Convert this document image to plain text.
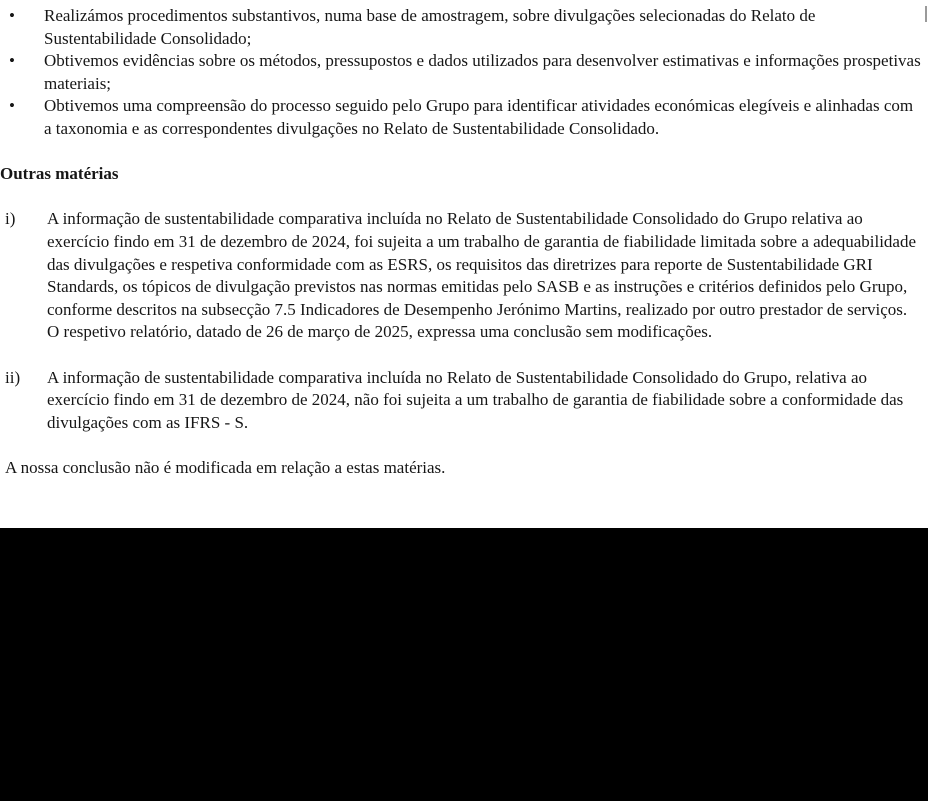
•	Realizámos procedimentos substantivos, numa base de amostragem, sobre divulgações selecionadas do Relato de Sustentabilidade Consolidado;
•	Obtivemos evidências sobre os métodos, pressupostos e dados utilizados para desenvolver estimativas e informações prospetivas materiais;
•	Obtivemos uma compreensão do processo seguido pelo Grupo para identificar atividades económicas elegíveis e alinhadas com a taxonomia e as correspondentes divulgações no Relato de Sustentabilidade Consolidado.
Outras matérias
i)	A informação de sustentabilidade comparativa incluída no Relato de Sustentabilidade Consolidado do Grupo relativa ao exercício findo em 31 de dezembro de 2024, foi sujeita a um trabalho de garantia de fiabilidade limitada sobre a adequabilidade das divulgações e respetiva conformidade com as ESRS, os requisitos das diretrizes para reporte de Sustentabilidade GRI Standards, os tópicos de divulgação previstos nas normas emitidas pelo SASB e as instruções e critérios definidos pelo Grupo, conforme descritos na subsecção 7.5 Indicadores de Desempenho Jerónimo Martins, realizado por outro prestador de serviços. O respetivo relatório, datado de 26 de março de 2025, expressa uma conclusão sem modificações.
ii)	A informação de sustentabilidade comparativa incluída no Relato de Sustentabilidade Consolidado do Grupo, relativa ao exercício findo em 31 de dezembro de 2024, não foi sujeita a um trabalho de garantia de fiabilidade sobre a conformidade das divulgações com as IFRS - S.
A nossa conclusão não é modificada em relação a estas matérias.
